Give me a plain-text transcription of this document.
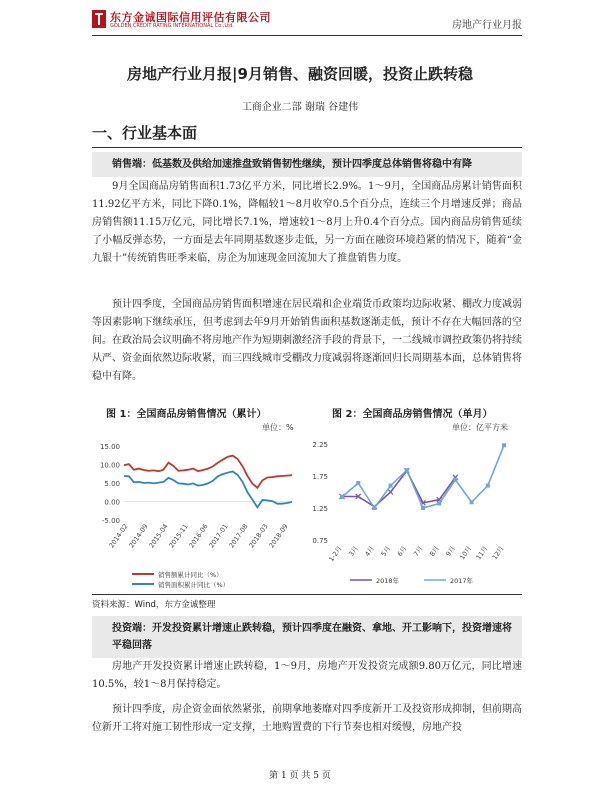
东方金诚国际信用评估有限公司
GOLDEN CREDIT RATING INTERNATIONAL Co.,Ltd.	房地产行业月报
房地产行业月报|9月销售、融资回暖，投资止跌转稳
工商企业二部 谢瑞 谷建伟
一、行业基本面
销售端：低基数及供给加速推盘致销售韧性继续，预计四季度总体销售将稳中有降
9月全国商品房销售面积1.73亿平方米，同比增长2.9%。1～9月，全国商品房累计销售面积11.92亿平方米，同比下降0.1%，降幅较1～8月收窄0.5个百分点，连续三个月增速反弹；商品房销售额11.15万亿元，同比增长7.1%，增速较1～8月上升0.4个百分点。国内商品房销售延续了小幅反弹态势，一方面是去年同期基数逐步走低，另一方面在融资环境趋紧的情况下，随着“金九银十”传统销售旺季来临，房企为加速现金回流加大了推盘销售力度。
预计四季度，全国商品房销售面积增速在居民端和企业端货币政策均边际收紧、棚改力度减弱等因素影响下继续承压，但考虑到去年9月开始销售面积基数逐渐走低，预计不存在大幅回落的空间。在政治局会议明确不将房地产作为短期刺激经济手段的背景下，一二线城市调控政策仍将持续从严、资金面依然边际收紧，而三四线城市受棚改力度减弱将逐渐回归长周期基本面，总体销售将稳中有降。
图 1：全国商品房销售情况（累计）
单位：%
图 2：全国商品房销售情况（单月）
单位：亿平方米
15.00
10.00
5.00
0.00
-5.00
2014-02
2014-09
2015-04
2015-11
2016-06
2017-01
2017-08
2018-03
2018-09
销售额累计同比（%）
销售面积累计同比（%）
2.25
1.75
1.25
0.75
1-2月 3月 4月 5月 6月 7月 8月 9月 10月 11月 12月
2018年	2017年
资料来源：Wind，东方金诚整理
投资端：开发投资累计增速止跌转稳，预计四季度在融资、拿地、开工影响下，投资增速将平稳回落
房地产开发投资累计增速止跌转稳，1～9月，房地产开发投资完成额9.80万亿元，同比增速10.5%，较1～8月保持稳定。
预计四季度，房企资金面依然紧张，前期拿地萎靡对四季度新开工及投资形成抑制，但前期高位新开工将对施工韧性形成一定支撑，土地购置费的下行节奏也相对缓慢，房地产投
第 1 页 共 5 页
